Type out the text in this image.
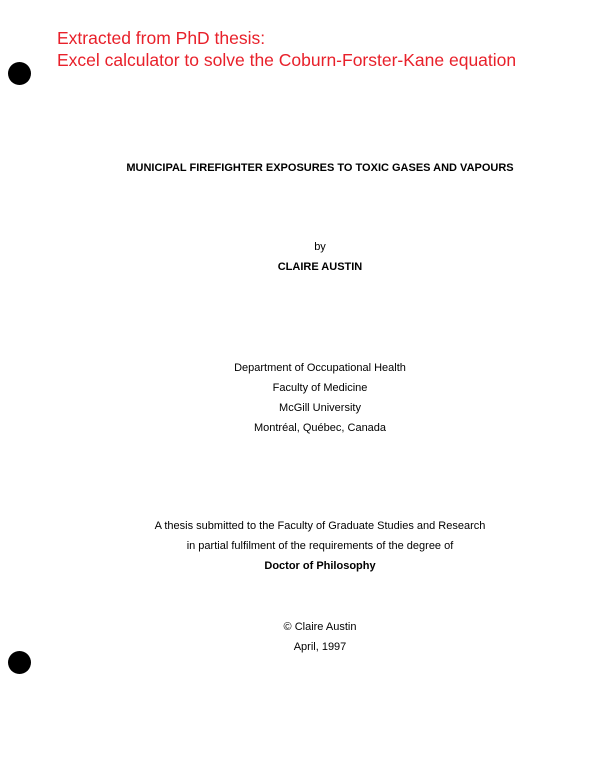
Extracted from PhD thesis:
Excel calculator to solve the Coburn-Forster-Kane equation
MUNICIPAL FIREFIGHTER EXPOSURES TO TOXIC GASES AND VAPOURS
by
CLAIRE AUSTIN
Department of Occupational Health
Faculty of Medicine
McGill University
Montréal, Québec, Canada
A thesis submitted to the Faculty of Graduate Studies and Research
in partial fulfilment of the requirements of the degree of
Doctor of Philosophy
© Claire Austin
April, 1997
